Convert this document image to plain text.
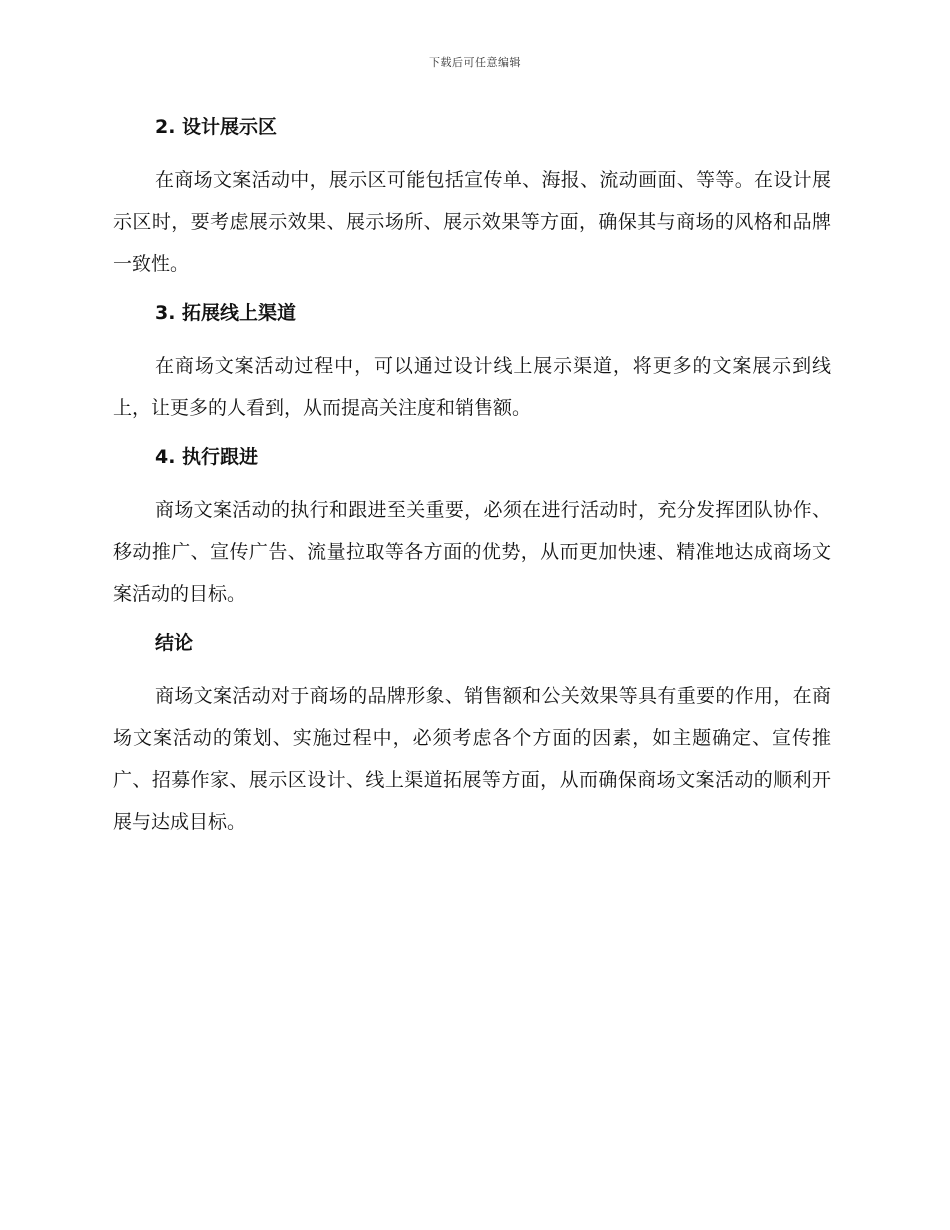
下载后可任意编辑
2. 设计展示区

在商场文案活动中，展示区可能包括宣传单、海报、流动画面、等等。在设计展示区时，要考虑展示效果、展示场所、展示效果等方面，确保其与商场的风格和品牌一致性。

3. 拓展线上渠道

在商场文案活动过程中，可以通过设计线上展示渠道，将更多的文案展示到线上，让更多的人看到，从而提高关注度和销售额。

4. 执行跟进

商场文案活动的执行和跟进至关重要，必须在进行活动时，充分发挥团队协作、移动推广、宣传广告、流量拉取等各方面的优势，从而更加快速、精准地达成商场文案活动的目标。

结论

商场文案活动对于商场的品牌形象、销售额和公关效果等具有重要的作用，在商场文案活动的策划、实施过程中，必须考虑各个方面的因素，如主题确定、宣传推广、招募作家、展示区设计、线上渠道拓展等方面，从而确保商场文案活动的顺利开展与达成目标。
